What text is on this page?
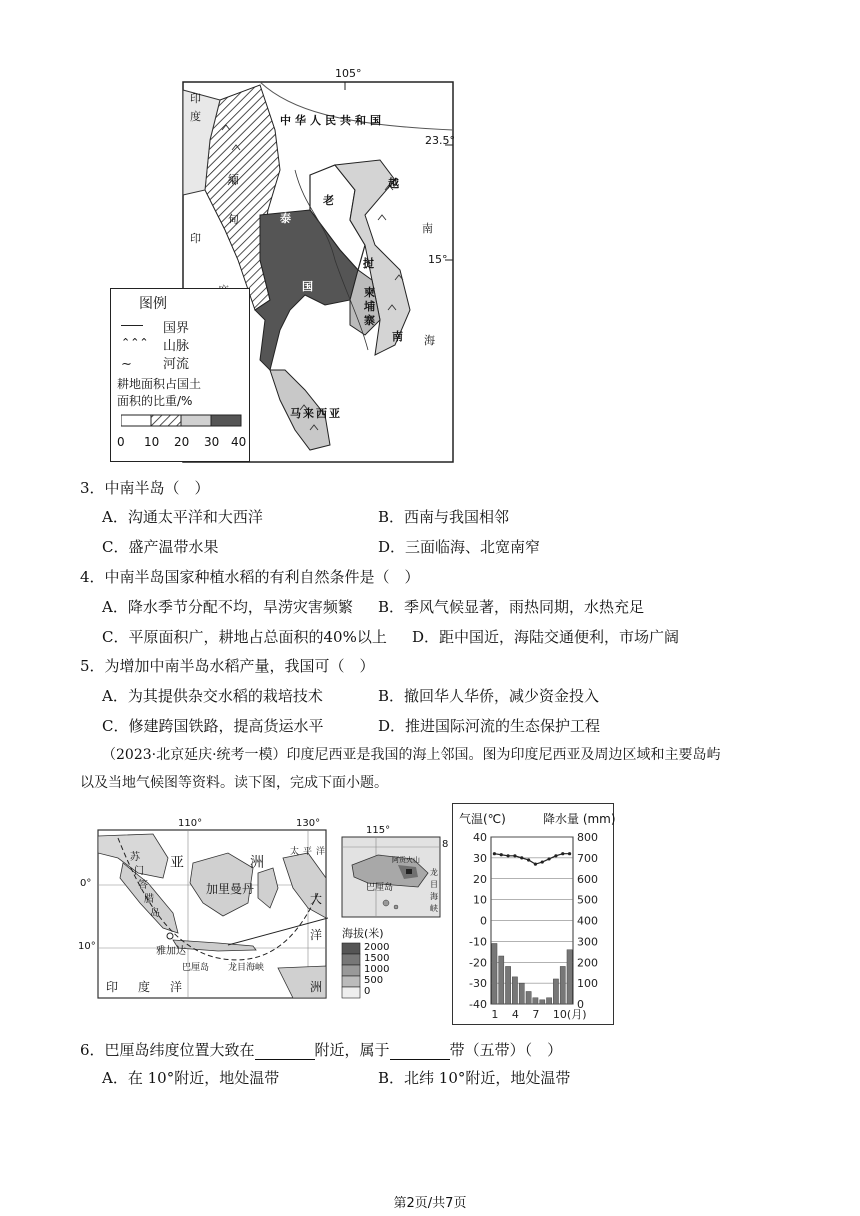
105°
23.5°
15°
中华人民共和国
老
越
泰
国
挝
柬
埔
寨
南
马来西亚
印度
缅甸
印
南
海
图例
国界
⌃⌃⌃ 山脉
∼ 河流
耕地面积占国土
面积的比重/%
0 10 20 30 40
3．中南半岛（　）
A．沟通太平洋和大西洋	B．西南与我国相邻
C．盛产温带水果	D．三面临海、北宽南窄
4．中南半岛国家种植水稻的有利自然条件是（　）
A．降水季节分配不均，旱涝灾害频繁 B．季风气候显著，雨热同期，水热充足
C．平原面积广，耕地占总面积的40%以上 D．距中国近，海陆交通便利，市场广阔
5．为增加中南半岛水稻产量，我国可（　）
A．为其提供杂交水稻的栽培技术	B．撤回华人华侨，减少资金投入
C．修建跨国铁路，提高货运水平	D．推进国际河流的生态保护工程
（2023·北京延庆·统考一模）印度尼西亚是我国的海上邻国。图为印度尼西亚及周边区域和主要岛屿
以及当地气候图等资料。读下图，完成下面小题。
110°	130°
0°
10°
亚	洲
苏
门
答
腊
岛
加里曼丹
雅加达
巴厘岛 龙目海峡
印 度 洋
大
洋
洲
太 平 洋
115°
8
巴厘岛
阿贡火山
龙目海峡
海拔(米)
2000
1500
1000
500
0
气温(℃)	降水量 (mm)
40	800
30	700
20	600
10	500
0	400
-10	300
-20	200
-30	100
-40	0
1 4 7 10(月)
6．巴厘岛纬度位置大致在	附近，属于	带（五带）（　）
A．在 10°附近，地处温带	B．北纬 10°附近，地处温带
第2页/共7页
